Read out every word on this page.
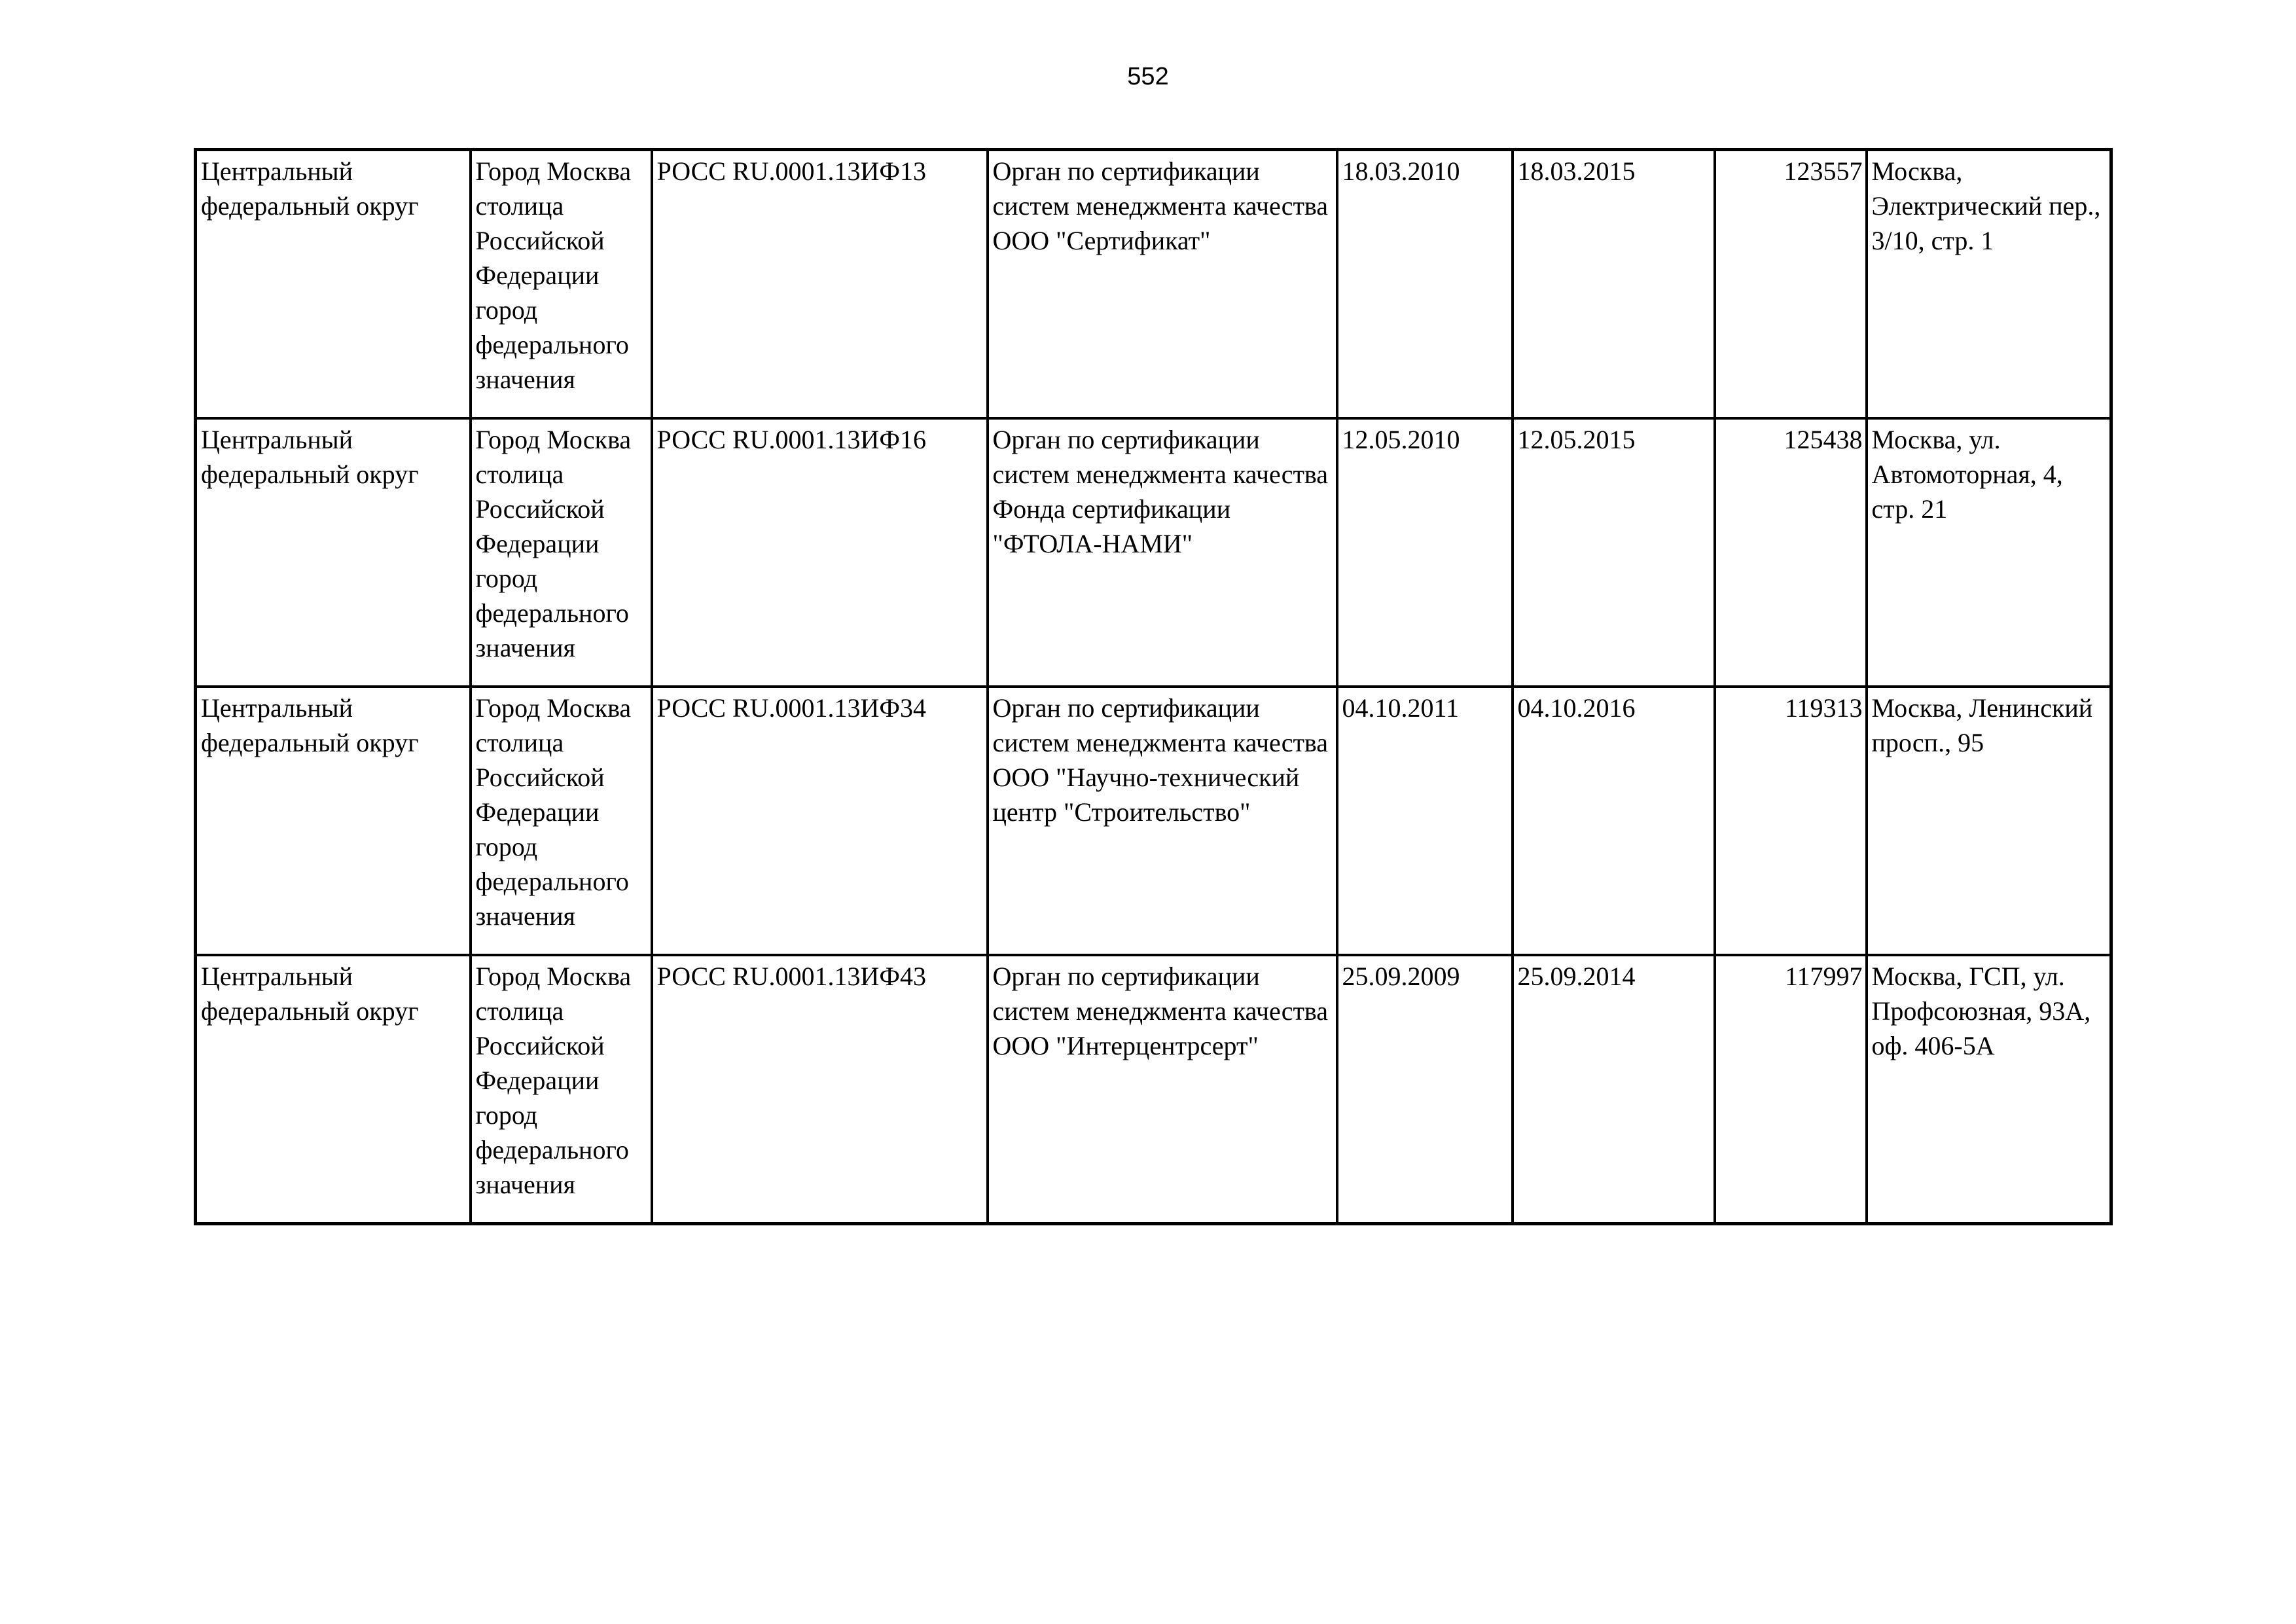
552
Центральный федеральный округ	Город Москва столица Российской Федерации город федерального значения	РОСС RU.0001.13ИФ13	Орган по сертификации систем менеджмента качества ООО "Сертификат"	18.03.2010	18.03.2015	123557	Москва, Электрический пер., 3/10, стр. 1

Центральный федеральный округ	Город Москва столица Российской Федерации город федерального значения	РОСС RU.0001.13ИФ16	Орган по сертификации систем менеджмента качества Фонда сертификации "ФТОЛА-НАМИ"	12.05.2010	12.05.2015	125438	Москва, ул. Автомоторная, 4, стр. 21

Центральный федеральный округ	Город Москва столица Российской Федерации город федерального значения	РОСС RU.0001.13ИФ34	Орган по сертификации систем менеджмента качества ООО "Научно-технический центр "Строительство"	04.10.2011	04.10.2016	119313	Москва, Ленинский просп., 95

Центральный федеральный округ	Город Москва столица Российской Федерации город федерального значения	РОСС RU.0001.13ИФ43	Орган по сертификации систем менеджмента качества ООО "Интерцентрсерт"	25.09.2009	25.09.2014	117997	Москва, ГСП, ул. Профсоюзная, 93А, оф. 406-5А
